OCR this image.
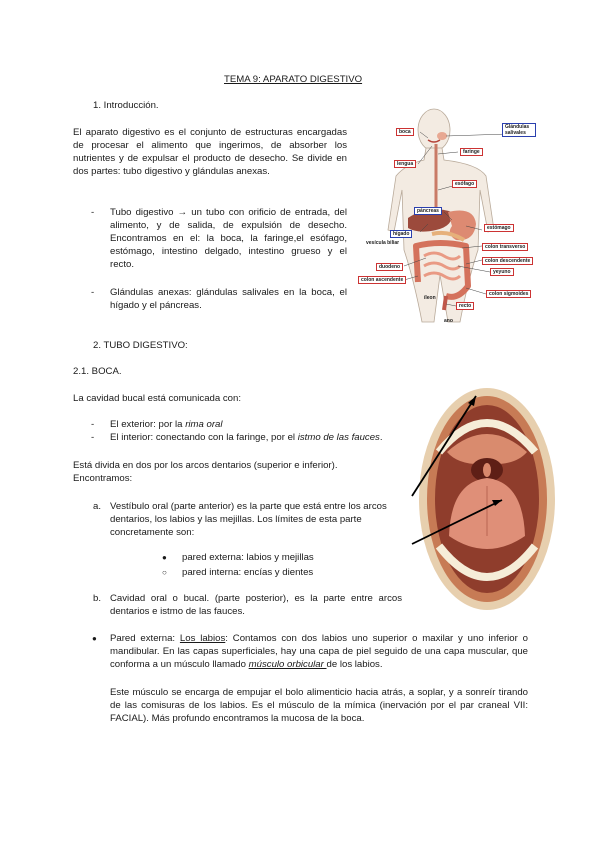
TEMA 9: APARATO DIGESTIVO
1. Introducción.
El aparato digestivo es el conjunto de estructuras encargadas de procesar el alimento que ingerimos, de absorber los nutrientes y de expulsar el producto de desecho. Se divide en dos partes: tubo digestivo y glándulas anexas.
- Tubo digestivo → un tubo con orificio de entrada, del alimento, y de salida, de expulsión de desecho. Encontramos en el: la boca, la faringe,el esófago, estómago, intestino delgado, intestino grueso y el recto.
- Glándulas anexas: glándulas salivales en la boca, el hígado y el páncreas.
boca
Glándulas salivales
faringe
lengua
esófago
páncreas
hígado
vesícula biliar
estómago
colon transverso
colon descendente
yeyuno
duodeno
colon ascendente
íleon
colon sigmoides
recto
ano
2. TUBO DIGESTIVO:
2.1. BOCA.
La cavidad bucal está comunicada con:
- El exterior: por la rima oral
- El interior: conectando con la faringe, por el istmo de las fauces.
Está divida en dos por los arcos dentarios (superior e inferior). Encontramos:
a. Vestíbulo oral (parte anterior) es la parte que está entre los arcos dentarios, los labios y las mejillas. Los límites de esta parte concretamente son:
● pared externa: labios y mejillas
○ pared interna: encías y dientes
b. Cavidad oral o bucal. (parte posterior), es la parte entre arcos dentarios e istmo de las fauces.
● Pared externa: Los labios: Contamos con dos labios uno superior o maxilar y uno inferior o mandibular. En las capas superficiales, hay una capa de piel seguido de una capa muscular, que conforma a un músculo llamado músculo orbicular de los labios.
Este músculo se encarga de empujar el bolo alimenticio hacia atrás, a soplar, y a sonreír tirando de las comisuras de los labios. Es el músculo de la mímica (inervación por el par craneal VII: FACIAL). Más profundo encontramos la mucosa de la boca.
